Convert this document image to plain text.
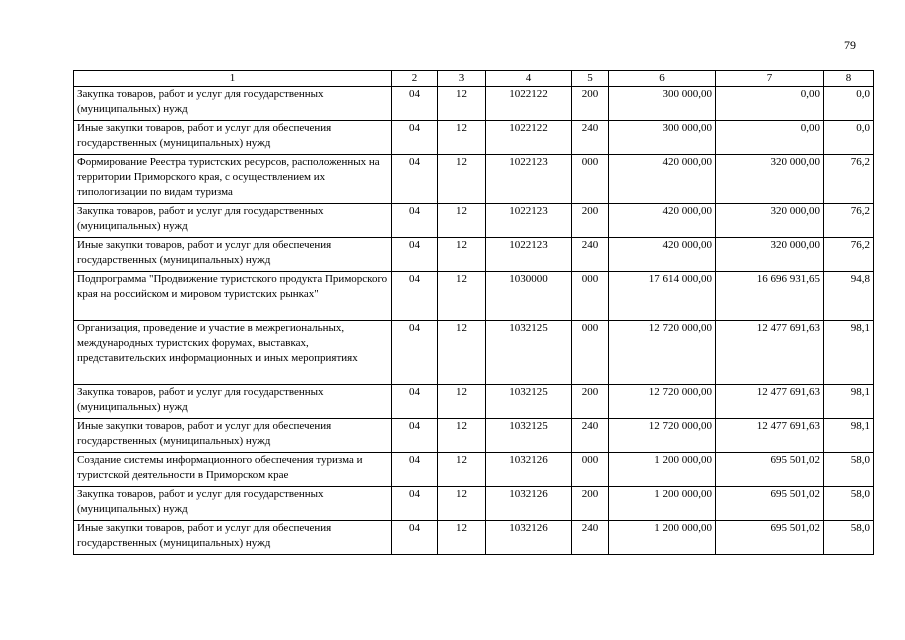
79
1	2	3	4	5	6	7	8
Закупка товаров, работ и услуг для государственных (муниципальных) нужд	04	12	1022122	200	300 000,00	0,00	0,0
Иные закупки товаров, работ и услуг для обеспечения государственных (муниципальных) нужд	04	12	1022122	240	300 000,00	0,00	0,0
Формирование Реестра туристских ресурсов, расположенных на территории Приморского края, с осуществлением их типологизации по видам туризма	04	12	1022123	000	420 000,00	320 000,00	76,2
Закупка товаров, работ и услуг для государственных (муниципальных) нужд	04	12	1022123	200	420 000,00	320 000,00	76,2
Иные закупки товаров, работ и услуг для обеспечения государственных (муниципальных) нужд	04	12	1022123	240	420 000,00	320 000,00	76,2
Подпрограмма "Продвижение туристского продукта Приморского края на российском и мировом туристских рынках"	04	12	1030000	000	17 614 000,00	16 696 931,65	94,8
Организация, проведение и участие в межрегиональных, международных туристских форумах, выставках, представительских информационных и иных мероприятиях	04	12	1032125	000	12 720 000,00	12 477 691,63	98,1
Закупка товаров, работ и услуг для государственных (муниципальных) нужд	04	12	1032125	200	12 720 000,00	12 477 691,63	98,1
Иные закупки товаров, работ и услуг для обеспечения государственных (муниципальных) нужд	04	12	1032125	240	12 720 000,00	12 477 691,63	98,1
Создание системы информационного обеспечения туризма и туристской деятельности в Приморском крае	04	12	1032126	000	1 200 000,00	695 501,02	58,0
Закупка товаров, работ и услуг для государственных (муниципальных) нужд	04	12	1032126	200	1 200 000,00	695 501,02	58,0
Иные закупки товаров, работ и услуг для обеспечения государственных (муниципальных) нужд	04	12	1032126	240	1 200 000,00	695 501,02	58,0
